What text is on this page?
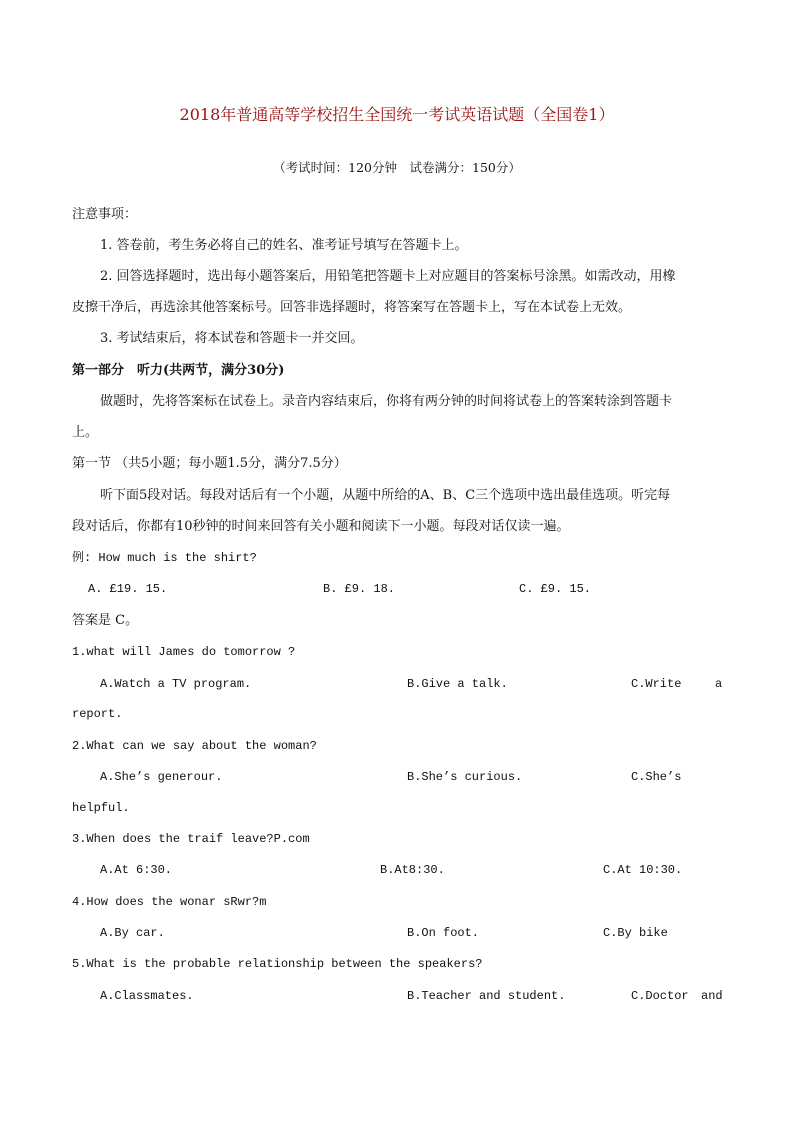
2018年普通高等学校招生全国统一考试英语试题（全国卷1）
（考试时间：120分钟　试卷满分：150分）
注意事项：
1. 答卷前，考生务必将自己的姓名、准考证号填写在答题卡上。
2. 回答选择题时，选出每小题答案后，用铅笔把答题卡上对应题目的答案标号涂黑。如需改动，用橡
皮擦干净后，再选涂其他答案标号。回答非选择题时，将答案写在答题卡上，写在本试卷上无效。
3. 考试结束后，将本试卷和答题卡一并交回。
第一部分　听力(共两节，满分30分)
做题时，先将答案标在试卷上。录音内容结束后，你将有两分钟的时间将试卷上的答案转涂到答题卡
上。
第一节 （共5小题；每小题1.5分，满分7.5分）
听下面5段对话。每段对话后有一个小题，从题中所给的A、B、C三个选项中选出最佳选项。听完每
段对话后，你都有10秒钟的时间来回答有关小题和阅读下一小题。每段对话仅读一遍。
例: How much is the shirt?
A. £19. 15.	B. £9. 18.	C. £9. 15.
答案是 C。
1.what will James do tomorrow ?
A.Watch a TV program.	B.Give a talk.	C.Write	a
report.
2.What can we say about the woman?
A.She’s generour.	B.She’s curious.	C.She’s
helpful.
3.When does the traif leave?P.com
A.At 6:30.	B.At8:30.	C.At 10:30.
4.How does the wonar sRwr?m
A.By car.	B.On foot.	C.By bike
5.What is the probable relationship between the speakers?
A.Classmates.	B.Teacher and student.	C.Doctor and
